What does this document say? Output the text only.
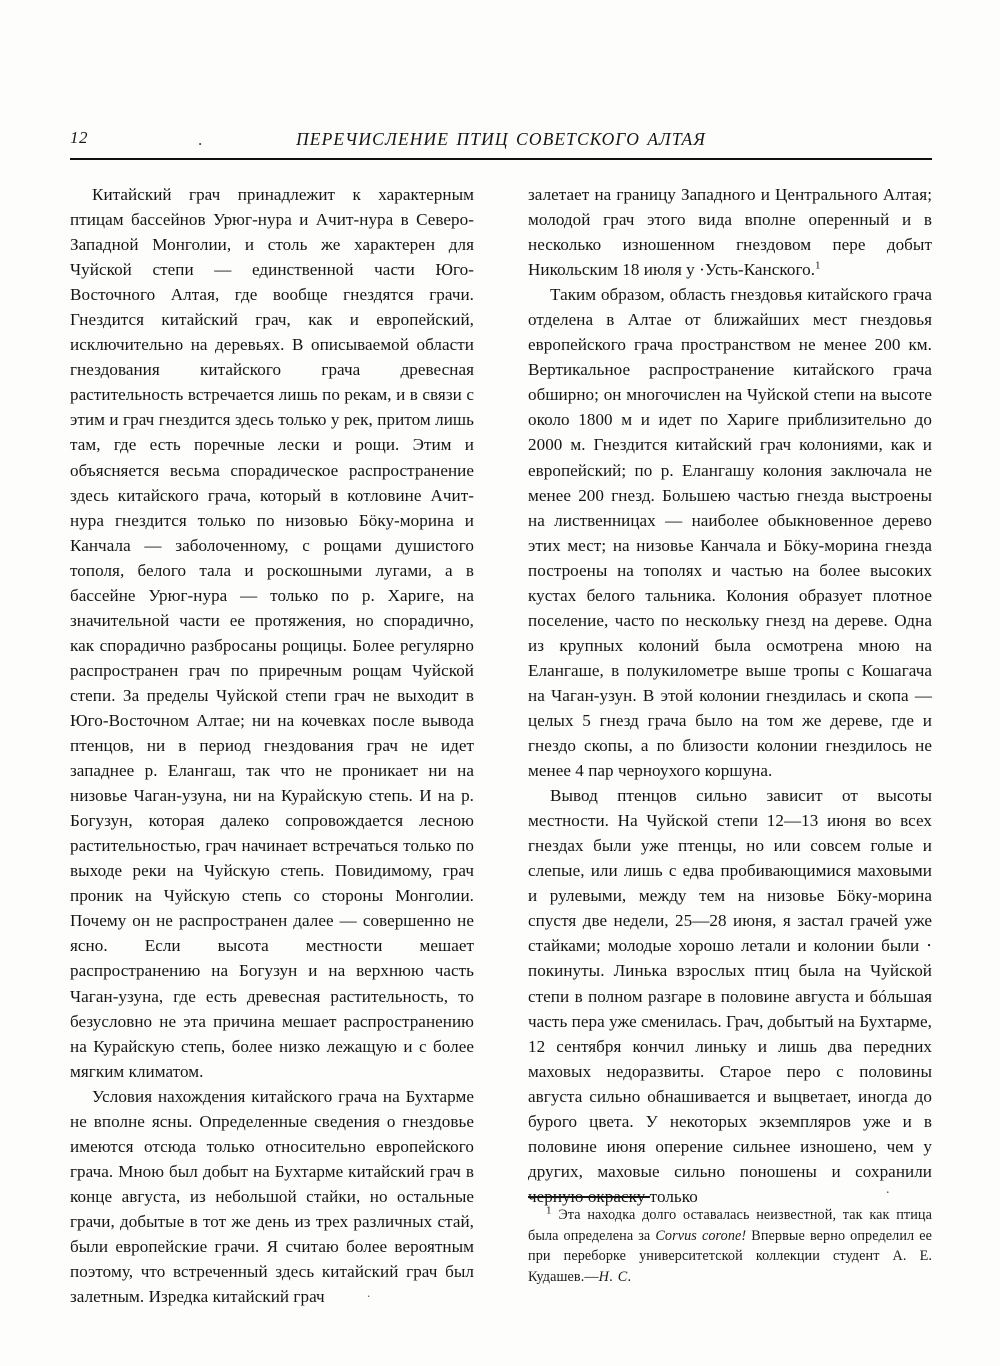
12	.	ПЕРЕЧИСЛЕНИЕ ПТИЦ СОВЕТСКОГО АЛТАЯ

Китайский грач принадлежит к характерным птицам бассейнов Урюг-нура и Ачит-нура в Северо-Западной Монголии, и столь же характерен для Чуйской степи — единственной части Юго-Восточного Алтая, где вообще гнездятся грачи. Гнездится китайский грач, как и европейский, исключительно на деревьях. В описываемой области гнездования китайского грача древесная растительность встречается лишь по рекам, и в связи с этим и грач гнездится здесь только у рек, притом лишь там, где есть поречные лески и рощи. Этим и объясняется весьма спорадическое распространение здесь китайского грача, который в котловине Ачит-нура гнездится только по низовью Бöку-морина и Канчала — заболоченному, с рощами душистого тополя, белого тала и роскошными лугами, а в бассейне Урюг-нура — только по р. Хариге, на значительной части ее протяжения, но спорадично, как спорадично разбросаны рощицы. Более регулярно распространен грач по приречным рощам Чуйской степи. За пределы Чуйской степи грач не выходит в Юго-Восточном Алтае; ни на кочевках после вывода птенцов, ни в период гнездования грач не идет западнее р. Елангаш, так что не проникает ни на низовье Чаган-узуна, ни на Курайскую степь. И на р. Богузун, которая далеко сопровождается лесною растительностью, грач начинает встречаться только по выходе реки на Чуйскую степь. Повидимому, грач проник на Чуйскую степь со стороны Монголии. Почему он не распространен далее — совершенно не ясно. Если высота местности мешает распространению на Богузун и на верхнюю часть Чаган-узуна, где есть древесная растительность, то безусловно не эта причина мешает распространению на Курайскую степь, более низко лежащую и с более мягким климатом.

Условия нахождения китайского грача на Бухтарме не вполне ясны. Определенные сведения о гнездовье имеются отсюда только относительно европейского грача. Мною был добыт на Бухтарме китайский грач в конце августа, из небольшой стайки, но остальные грачи, добытые в тот же день из трех различных стай, были европейские грачи. Я считаю более вероятным поэтому, что встреченный здесь китайский грач был залетным. Изредка китайский грач

залетает на границу Западного и Центрального Алтая; молодой грач этого вида вполне оперенный и в несколько изношенном гнездовом пере добыт Никольским 18 июля у ·Усть-Канского.$^1$

Таким образом, область гнездовья китайского грача отделена в Алтае от ближайших мест гнездовья европейского грача пространством не менее 200 км. Вертикальное распространение китайского грача обширно; он многочислен на Чуйской степи на высоте около 1800 м и идет по Хариге приблизительно до 2000 м. Гнездится китайский грач колониями, как и европейский; по р. Елангашу колония заключала не менее 200 гнезд. Большею частью гнезда выстроены на лиственницах — наиболее обыкновенное дерево этих мест; на низовье Канчала и Бöку-морина гнезда построены на тополях и частью на более высоких кустах белого тальника. Колония образует плотное поселение, часто по нескольку гнезд на дереве. Одна из крупных колоний была осмотрена мною на Елангаше, в полукилометре выше тропы с Кошагача на Чаган-узун. В этой колонии гнездилась и скопа — целых 5 гнезд грача было на том же дереве, где и гнездо скопы, а по близости колонии гнездилось не менее 4 пар черноухого коршуна.

Вывод птенцов сильно зависит от высоты местности. На Чуйской степи 12—13 июня во всех гнездах были уже птенцы, но или совсем голые и слепые, или лишь с едва пробивающимися маховыми и рулевыми, между тем на низовье Бöку-морина спустя две недели, 25—28 июня, я застал грачей уже стайками; молодые хорошо летали и колонии были ⋅ покинуты. Линька взрослых птиц была на Чуйской степи в полном разгаре в половине августа и бóльшая часть пера уже сменилась. Грач, добытый на Бухтарме, 12 сентября кончил линьку и лишь два передних маховых недоразвиты. Старое перо с половины августа сильно обнашивается и выцветает, иногда до бурого цвета. У некоторых экземпляров уже и в половине июня оперение сильнее изношено, чем у других, маховые сильно поношены и сохранили черную окраску только

.
.

$^1$ Эта находка долго оставалась неизвестной, так как птица была определена за Corvus corone! Впервые верно определил ее при переборке университетской коллекции студент А. Е. Кудашев.—Н. С.
